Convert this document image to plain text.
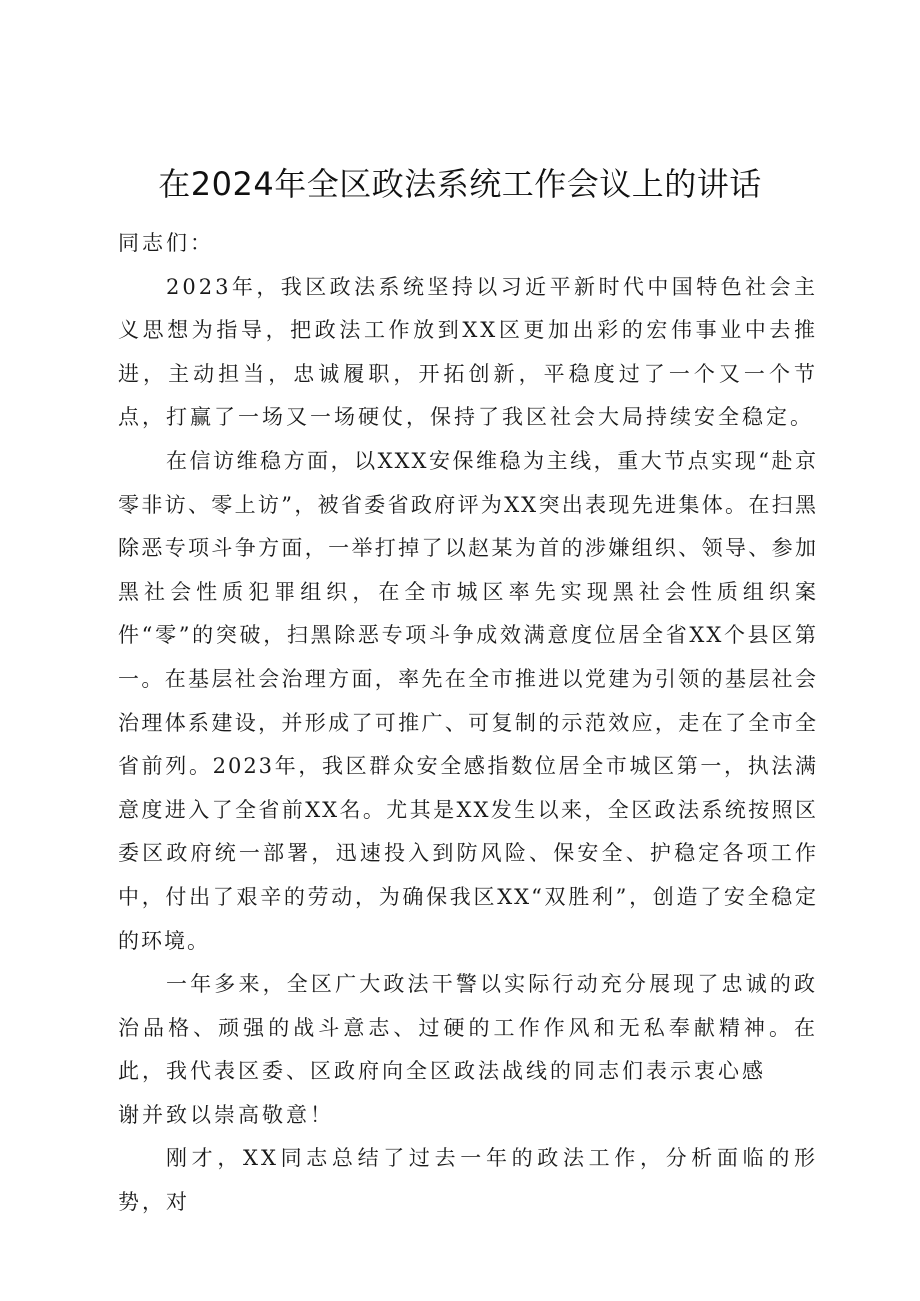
在2024年全区政法系统工作会议上的讲话

同志们：

2023年，我区政法系统坚持以习近平新时代中国特色社会主义思想为指导，把政法工作放到XX区更加出彩的宏伟事业中去推进，主动担当，忠诚履职，开拓创新，平稳度过了一个又一个节点，打赢了一场又一场硬仗，保持了我区社会大局持续安全稳定。

在信访维稳方面，以XXX安保维稳为主线，重大节点实现“赴京零非访、零上访”，被省委省政府评为XX突出表现先进集体。在扫黑除恶专项斗争方面，一举打掉了以赵某为首的涉嫌组织、领导、参加黑社会性质犯罪组织，在全市城区率先实现黑社会性质组织案件“零”的突破，扫黑除恶专项斗争成效满意度位居全省XX个县区第一。在基层社会治理方面，率先在全市推进以党建为引领的基层社会治理体系建设，并形成了可推广、可复制的示范效应，走在了全市全省前列。2023年，我区群众安全感指数位居全市城区第一，执法满意度进入了全省前XX名。尤其是XX发生以来，全区政法系统按照区委区政府统一部署，迅速投入到防风险、保安全、护稳定各项工作中，付出了艰辛的劳动，为确保我区XX“双胜利”，创造了安全稳定的环境。

一年多来，全区广大政法干警以实际行动充分展现了忠诚的政治品格、顽强的战斗意志、过硬的工作作风和无私奉献精神。在此，我代表区委、区政府向全区政法战线的同志们表示衷心感

谢并致以崇高敬意！

刚才，XX同志总结了过去一年的政法工作，分析面临的形势，对
